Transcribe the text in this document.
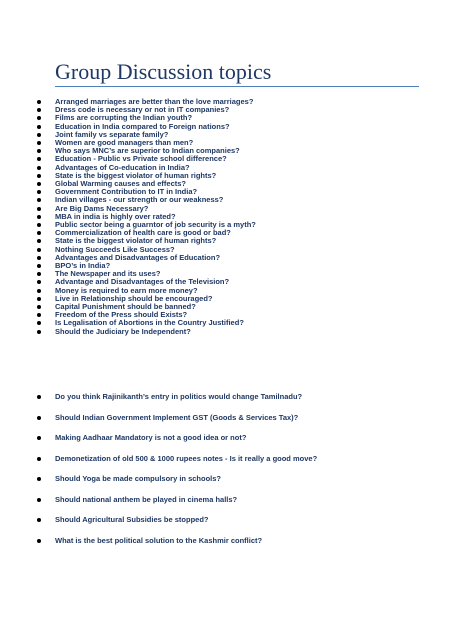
Group Discussion topics
Arranged marriages are better than the love marriages?
Dress code is necessary or not in IT companies?
Films are corrupting the Indian youth?
Education in India compared to Foreign nations?
Joint family vs separate family?
Women are good managers than men?
Who says MNC’s are superior to Indian companies?
Education - Public vs Private school difference?
Advantages of Co-education in India?
State is the biggest violator of human rights?
Global Warming causes and effects?
Government Contribution to IT in India?
Indian villages - our strength or our weakness?
Are Big Dams Necessary?
MBA in india is highly over rated?
Public sector being a guarntor of job security is a myth?
Commercialization of health care is good or bad?
State is the biggest violator of human rights?
Nothing Succeeds Like Success?
Advantages and Disadvantages of Education?
BPO’s in India?
The Newspaper and its uses?
Advantage and Disadvantages of the Television?
Money is required to earn more money?
Live in Relationship should be encouraged?
Capital Punishment should be banned?
Freedom of the Press should Exists?
Is Legalisation of Abortions in the Country Justified?
Should the Judiciary be Independent?
Do you think Rajinikanth’s entry in politics would change Tamilnadu?
Should Indian Government Implement GST (Goods & Services Tax)?
Making Aadhaar Mandatory is not a good idea or not?
Demonetization of old 500 & 1000 rupees notes - Is it really a good move?
Should Yoga be made compulsory in schools?
Should national anthem be played in cinema halls?
Should Agricultural Subsidies be stopped?
What is the best political solution to the Kashmir conflict?
